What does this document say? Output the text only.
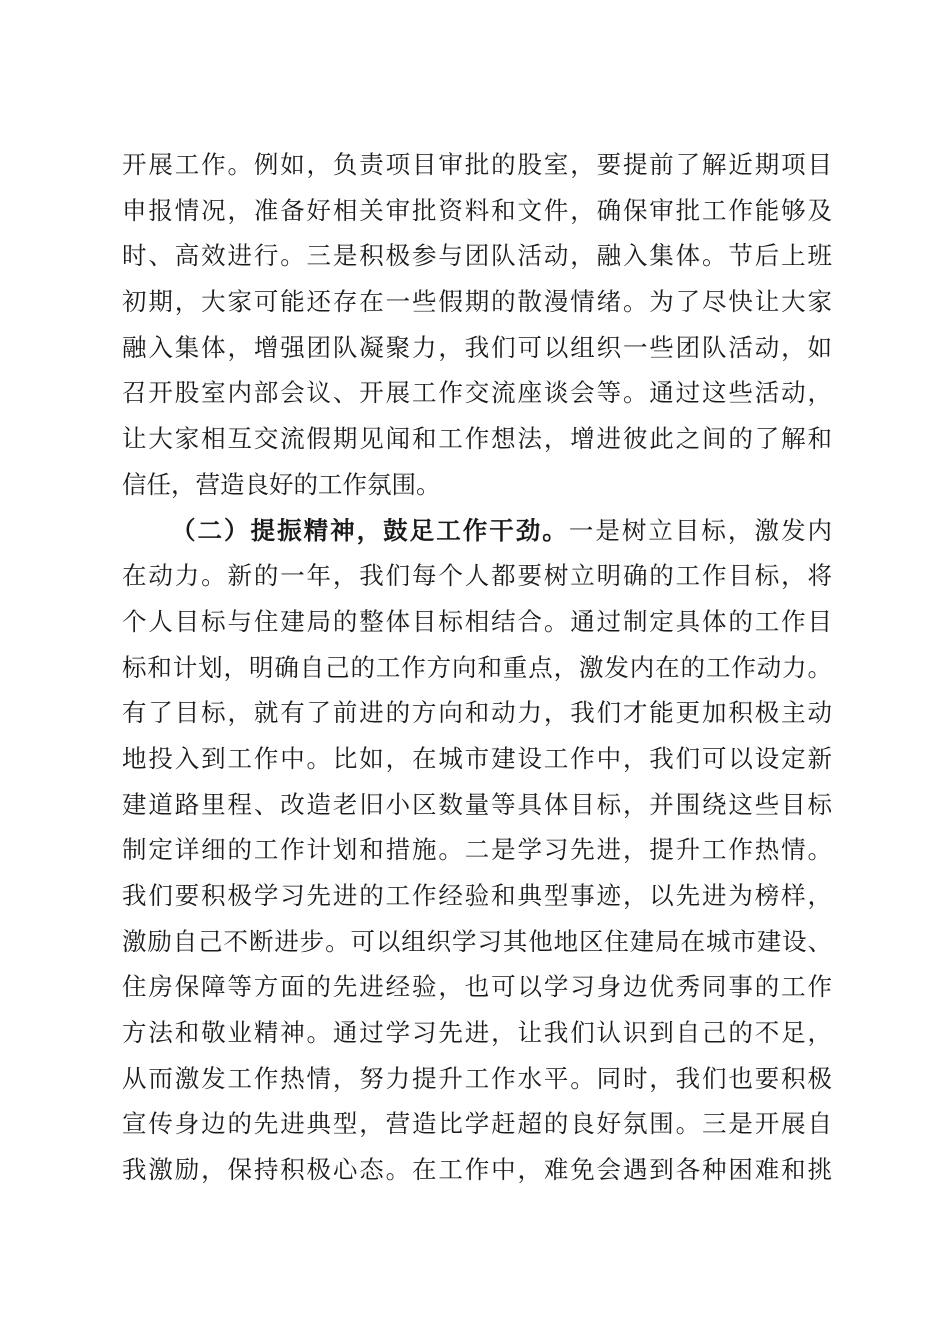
开展工作。例如，负责项目审批的股室，要提前了解近期项目
申报情况，准备好相关审批资料和文件，确保审批工作能够及
时、高效进行。三是积极参与团队活动，融入集体。节后上班
初期，大家可能还存在一些假期的散漫情绪。为了尽快让大家
融入集体，增强团队凝聚力，我们可以组织一些团队活动，如
召开股室内部会议、开展工作交流座谈会等。通过这些活动，
让大家相互交流假期见闻和工作想法，增进彼此之间的了解和
信任，营造良好的工作氛围。
（二）提振精神，鼓足工作干劲。一是树立目标，激发内
在动力。新的一年，我们每个人都要树立明确的工作目标，将
个人目标与住建局的整体目标相结合。通过制定具体的工作目
标和计划，明确自己的工作方向和重点，激发内在的工作动力。
有了目标，就有了前进的方向和动力，我们才能更加积极主动
地投入到工作中。比如，在城市建设工作中，我们可以设定新
建道路里程、改造老旧小区数量等具体目标，并围绕这些目标
制定详细的工作计划和措施。二是学习先进，提升工作热情。
我们要积极学习先进的工作经验和典型事迹，以先进为榜样，
激励自己不断进步。可以组织学习其他地区住建局在城市建设、
住房保障等方面的先进经验，也可以学习身边优秀同事的工作
方法和敬业精神。通过学习先进，让我们认识到自己的不足，
从而激发工作热情，努力提升工作水平。同时，我们也要积极
宣传身边的先进典型，营造比学赶超的良好氛围。三是开展自
我激励，保持积极心态。在工作中，难免会遇到各种困难和挑
